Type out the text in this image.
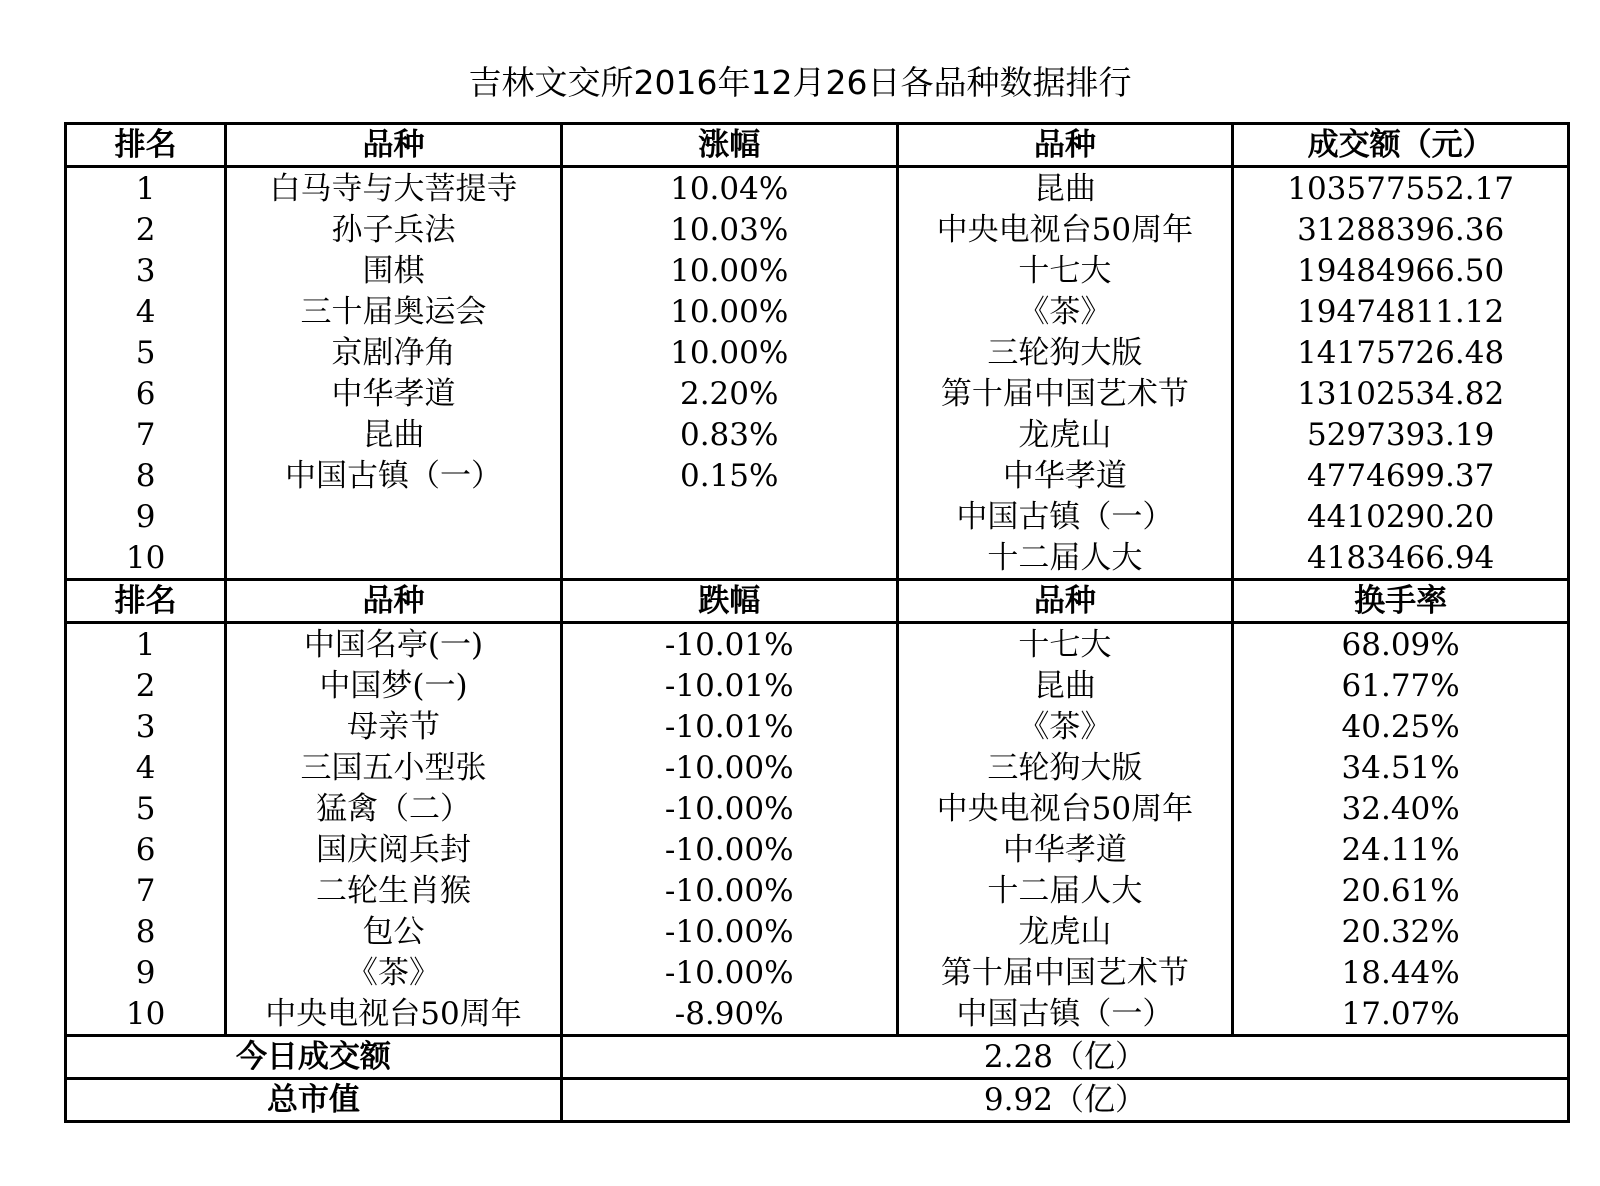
吉林文交所2016年12月26日各品种数据排行
排名	品种	涨幅	品种	成交额（元）
1	白马寺与大菩提寺	10.04%	昆曲	103577552.17
2	孙子兵法	10.03%	中央电视台50周年	31288396.36
3	围棋	10.00%	十七大	19484966.50
4	三十届奥运会	10.00%	《茶》	19474811.12
5	京剧净角	10.00%	三轮狗大版	14175726.48
6	中华孝道	2.20%	第十届中国艺术节	13102534.82
7	昆曲	0.83%	龙虎山	5297393.19
8	中国古镇（一）	0.15%	中华孝道	4774699.37
9			中国古镇（一）	4410290.20
10			十二届人大	4183466.94
排名	品种	跌幅	品种	换手率
1	中国名亭(一)	-10.01%	十七大	68.09%
2	中国梦(一)	-10.01%	昆曲	61.77%
3	母亲节	-10.01%	《茶》	40.25%
4	三国五小型张	-10.00%	三轮狗大版	34.51%
5	猛禽（二）	-10.00%	中央电视台50周年	32.40%
6	国庆阅兵封	-10.00%	中华孝道	24.11%
7	二轮生肖猴	-10.00%	十二届人大	20.61%
8	包公	-10.00%	龙虎山	20.32%
9	《茶》	-10.00%	第十届中国艺术节	18.44%
10	中央电视台50周年	-8.90%	中国古镇（一）	17.07%
今日成交额		2.28（亿）		
总市值		9.92（亿）		
